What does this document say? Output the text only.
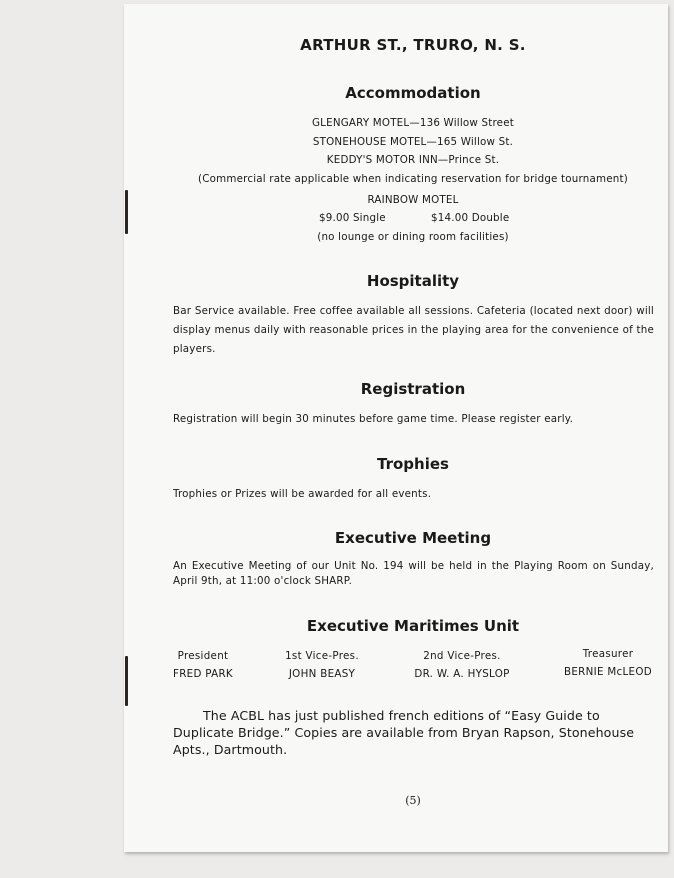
ARTHUR ST., TRURO, N. S.
Accommodation
GLENGARY MOTEL—136 Willow Street
STONEHOUSE MOTEL—165 Willow St.
KEDDY'S MOTOR INN—Prince St.
(Commercial rate applicable when indicating reservation for bridge tournament)
RAINBOW MOTEL
$9.00 Single	$14.00 Double
(no lounge or dining room facilities)
Hospitality
Bar Service available. Free coffee available all sessions. Cafeteria (located next door) will display menus daily with reasonable prices in the playing area for the convenience of the players.
Registration
Registration will begin 30 minutes before game time. Please register early.
Trophies
Trophies or Prizes will be awarded for all events.
Executive Meeting
An Executive Meeting of our Unit No. 194 will be held in the Playing Room on Sunday, April 9th, at 11:00 o'clock SHARP.
Executive Maritimes Unit
President
FRED PARK
1st Vice-Pres.
JOHN BEASY
2nd Vice-Pres.
DR. W. A. HYSLOP
Treasurer
BERNIE McLEOD
The ACBL has just published french editions of “Easy Guide to Duplicate Bridge.” Copies are available from Bryan Rapson, Stonehouse Apts., Dartmouth.
(5)
